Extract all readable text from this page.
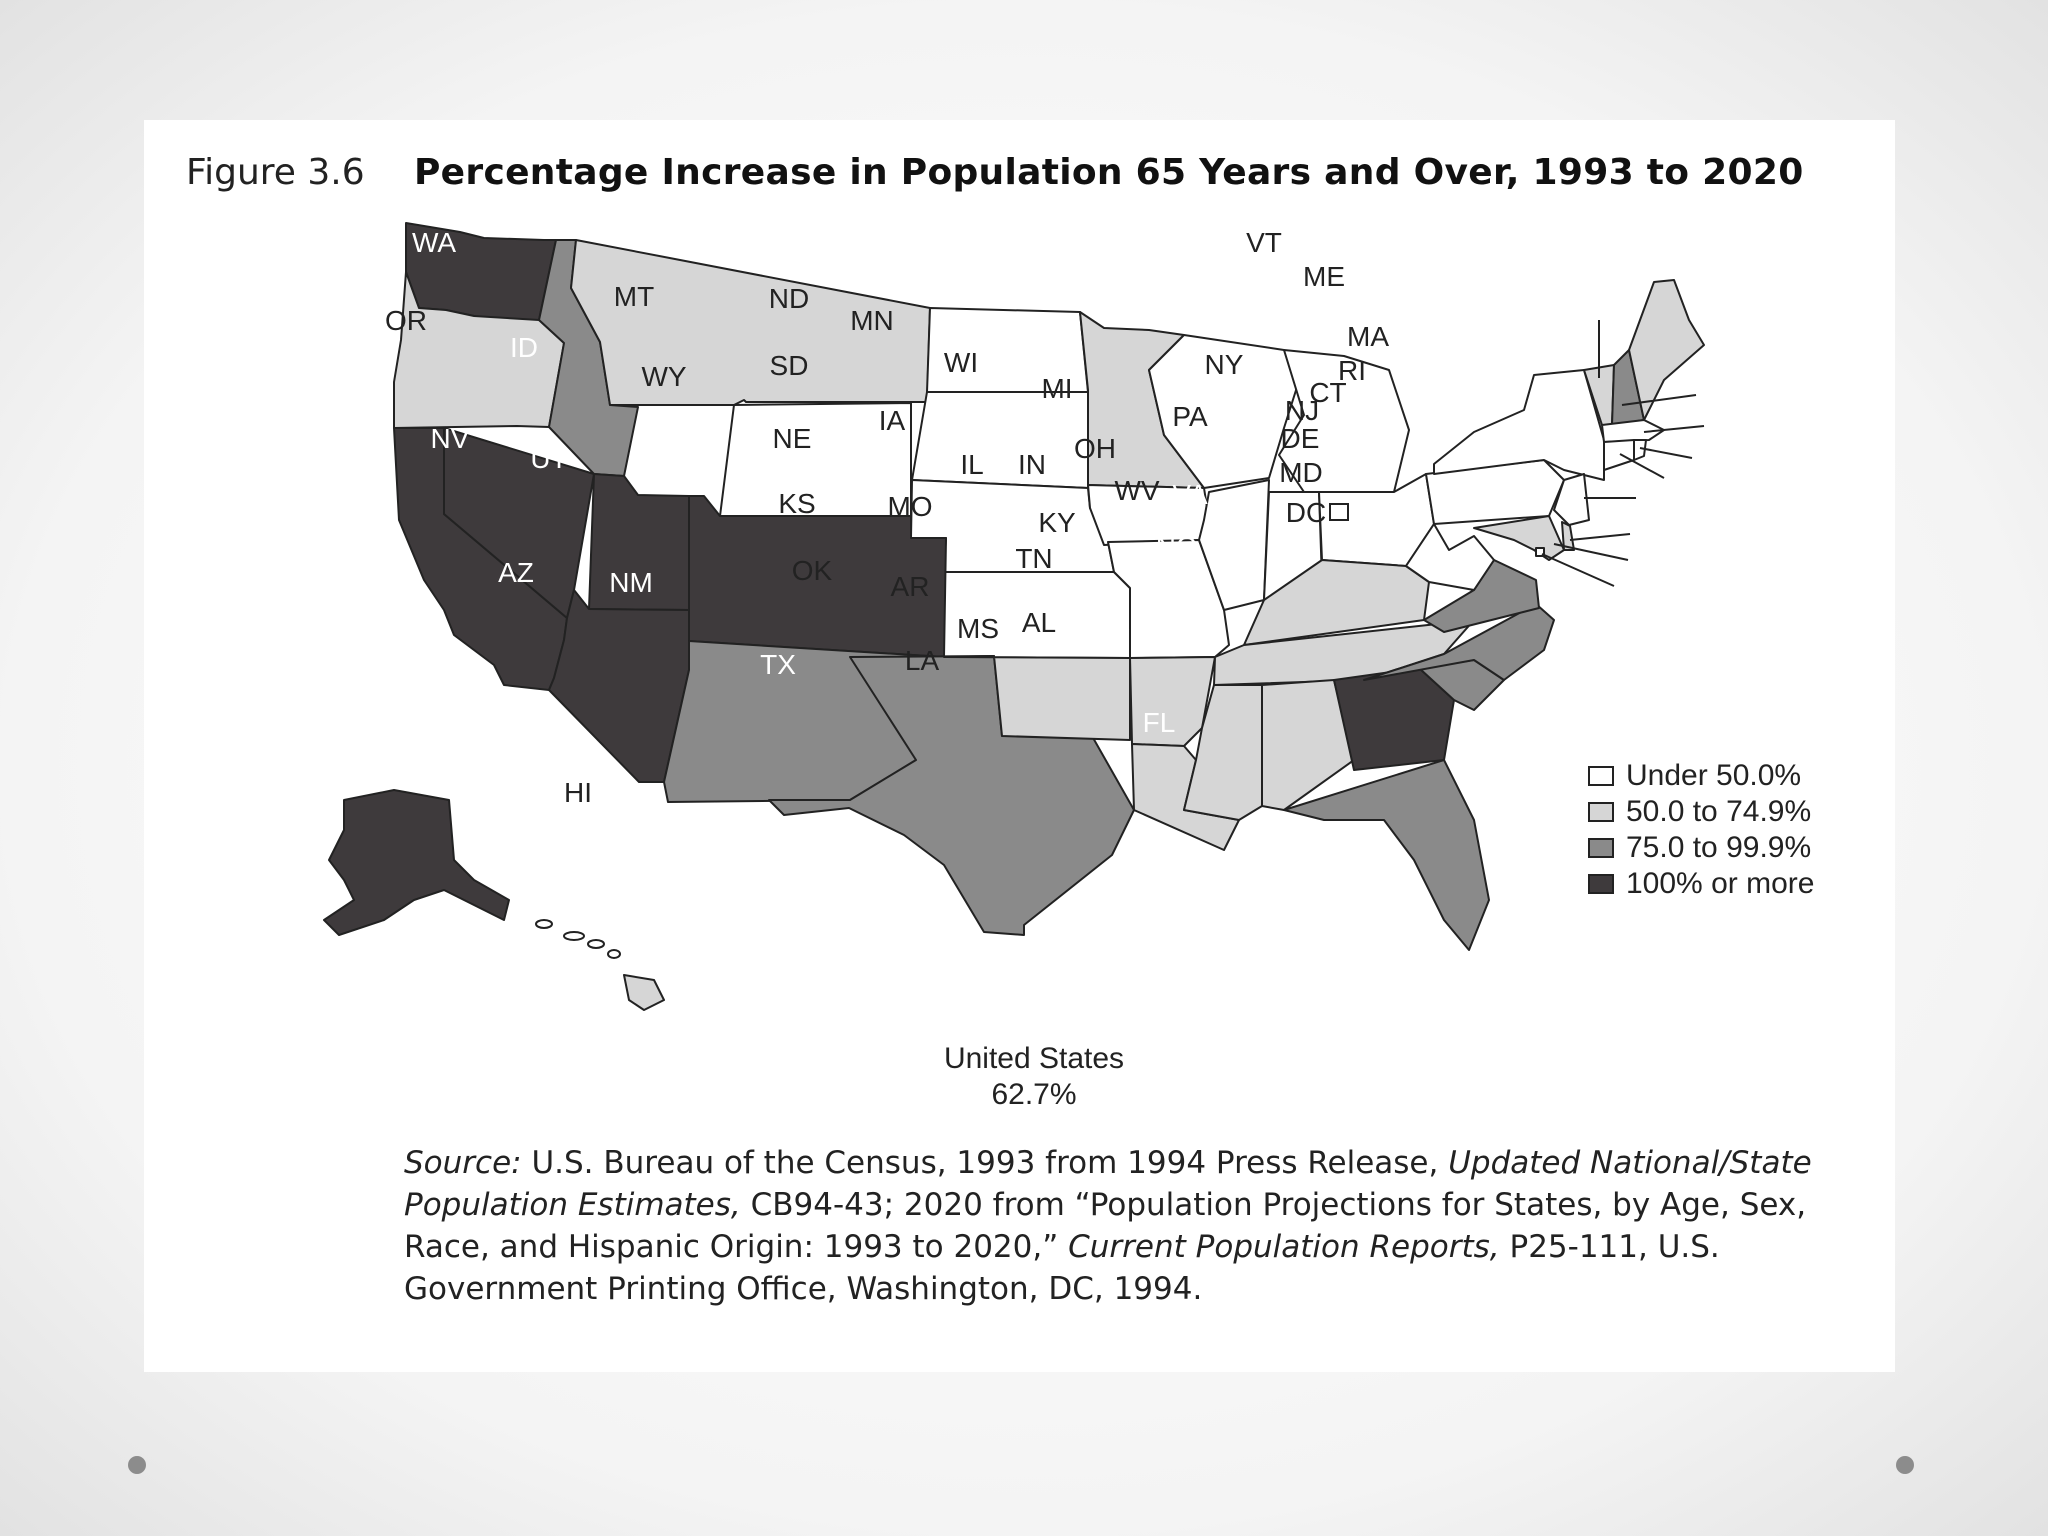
WA
OR
ID
MT
WY
ND
SD
NE
KS
CA
NV
UT
CO
AZ	NM
TX
OK
MN
IA
MO
AR
LA
WI
IL
MI
IN
OH
KY
TN
MS AL GA
FL
SC
NC
VA
WV
PA
NY
VT
NH
ME
MA
RI
CT
NJ
DE
MD
DC
AK
HI
Figure 3.6 Percentage Increase in Population 65 Years and Over, 1993 to 2020
Under 50.0%
50.0 to 74.9%
75.0 to 99.9%
100% or more
United States
62.7%
Source: U.S. Bureau of the Census, 1993 from 1994 Press Release, Updated National/State Population Estimates, CB94-43; 2020 from “Population Projections for States, by Age, Sex, Race, and Hispanic Origin: 1993 to 2020,” Current Population Reports, P25-111, U.S. Government Printing Office, Washington, DC, 1994.
